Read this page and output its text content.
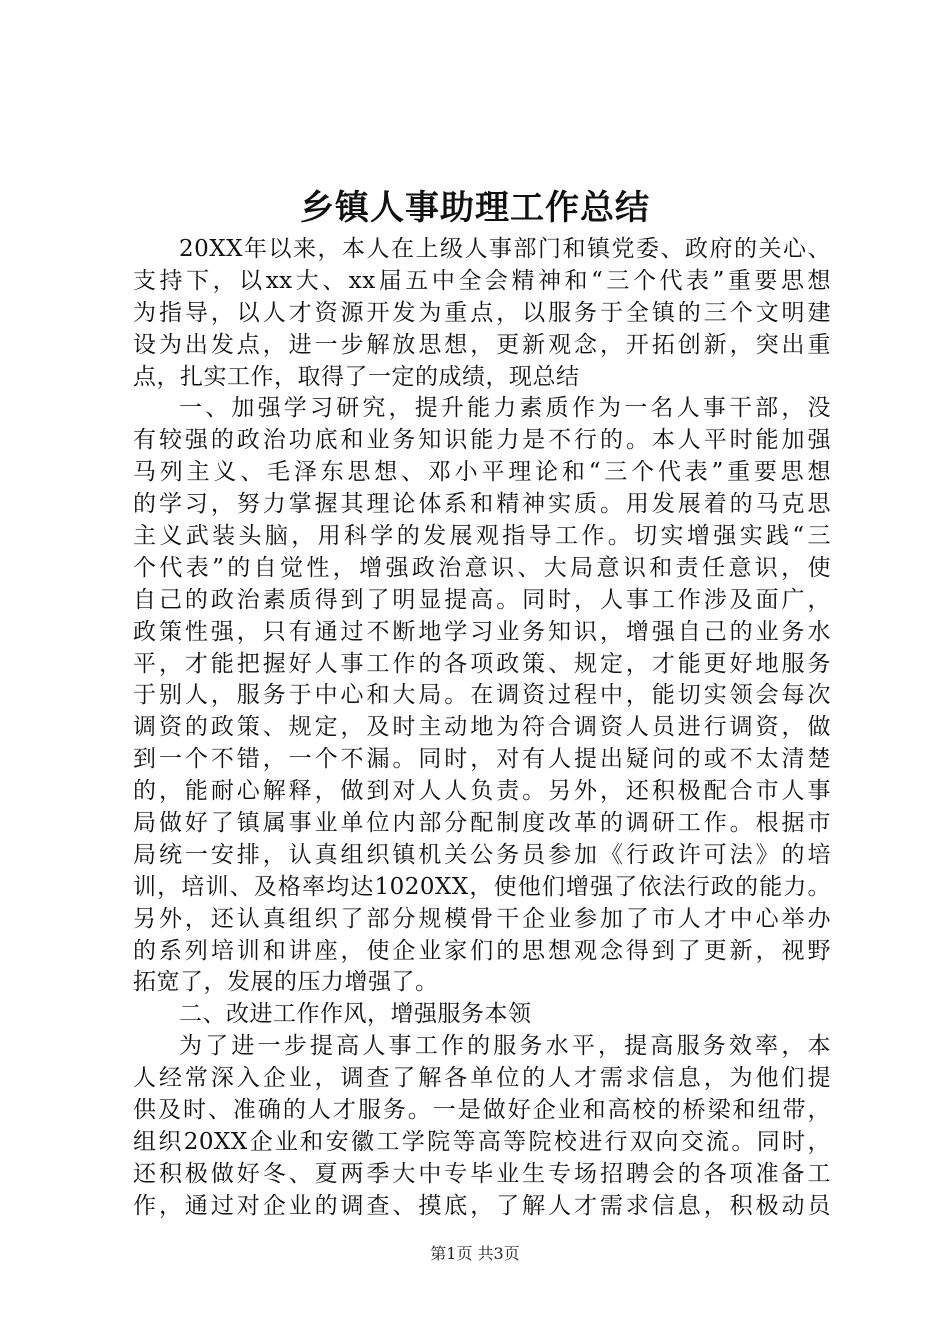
乡镇人事助理工作总结
20XX年以来，本人在上级人事部门和镇党委、政府的关心、
支持下，以xx大、xx届五中全会精神和“三个代表”重要思想
为指导，以人才资源开发为重点，以服务于全镇的三个文明建
设为出发点，进一步解放思想，更新观念，开拓创新，突出重
点，扎实工作，取得了一定的成绩，现总结
一、加强学习研究，提升能力素质作为一名人事干部，没
有较强的政治功底和业务知识能力是不行的。本人平时能加强
马列主义、毛泽东思想、邓小平理论和“三个代表”重要思想
的学习，努力掌握其理论体系和精神实质。用发展着的马克思
主义武装头脑，用科学的发展观指导工作。切实增强实践“三
个代表”的自觉性，增强政治意识、大局意识和责任意识，使
自己的政治素质得到了明显提高。同时，人事工作涉及面广，
政策性强，只有通过不断地学习业务知识，增强自己的业务水
平，才能把握好人事工作的各项政策、规定，才能更好地服务
于别人，服务于中心和大局。在调资过程中，能切实领会每次
调资的政策、规定，及时主动地为符合调资人员进行调资，做
到一个不错，一个不漏。同时，对有人提出疑问的或不太清楚
的，能耐心解释，做到对人人负责。另外，还积极配合市人事
局做好了镇属事业单位内部分配制度改革的调研工作。根据市
局统一安排，认真组织镇机关公务员参加《行政许可法》的培
训，培训、及格率均达1020XX，使他们增强了依法行政的能力。
另外，还认真组织了部分规模骨干企业参加了市人才中心举办
的系列培训和讲座，使企业家们的思想观念得到了更新，视野
拓宽了，发展的压力增强了。
二、改进工作作风，增强服务本领
为了进一步提高人事工作的服务水平，提高服务效率，本
人经常深入企业，调查了解各单位的人才需求信息，为他们提
供及时、准确的人才服务。一是做好企业和高校的桥梁和纽带，
组织20XX企业和安徽工学院等高等院校进行双向交流。同时，
还积极做好冬、夏两季大中专毕业生专场招聘会的各项准备工
作，通过对企业的调查、摸底，了解人才需求信息，积极动员
第1页 共3页
